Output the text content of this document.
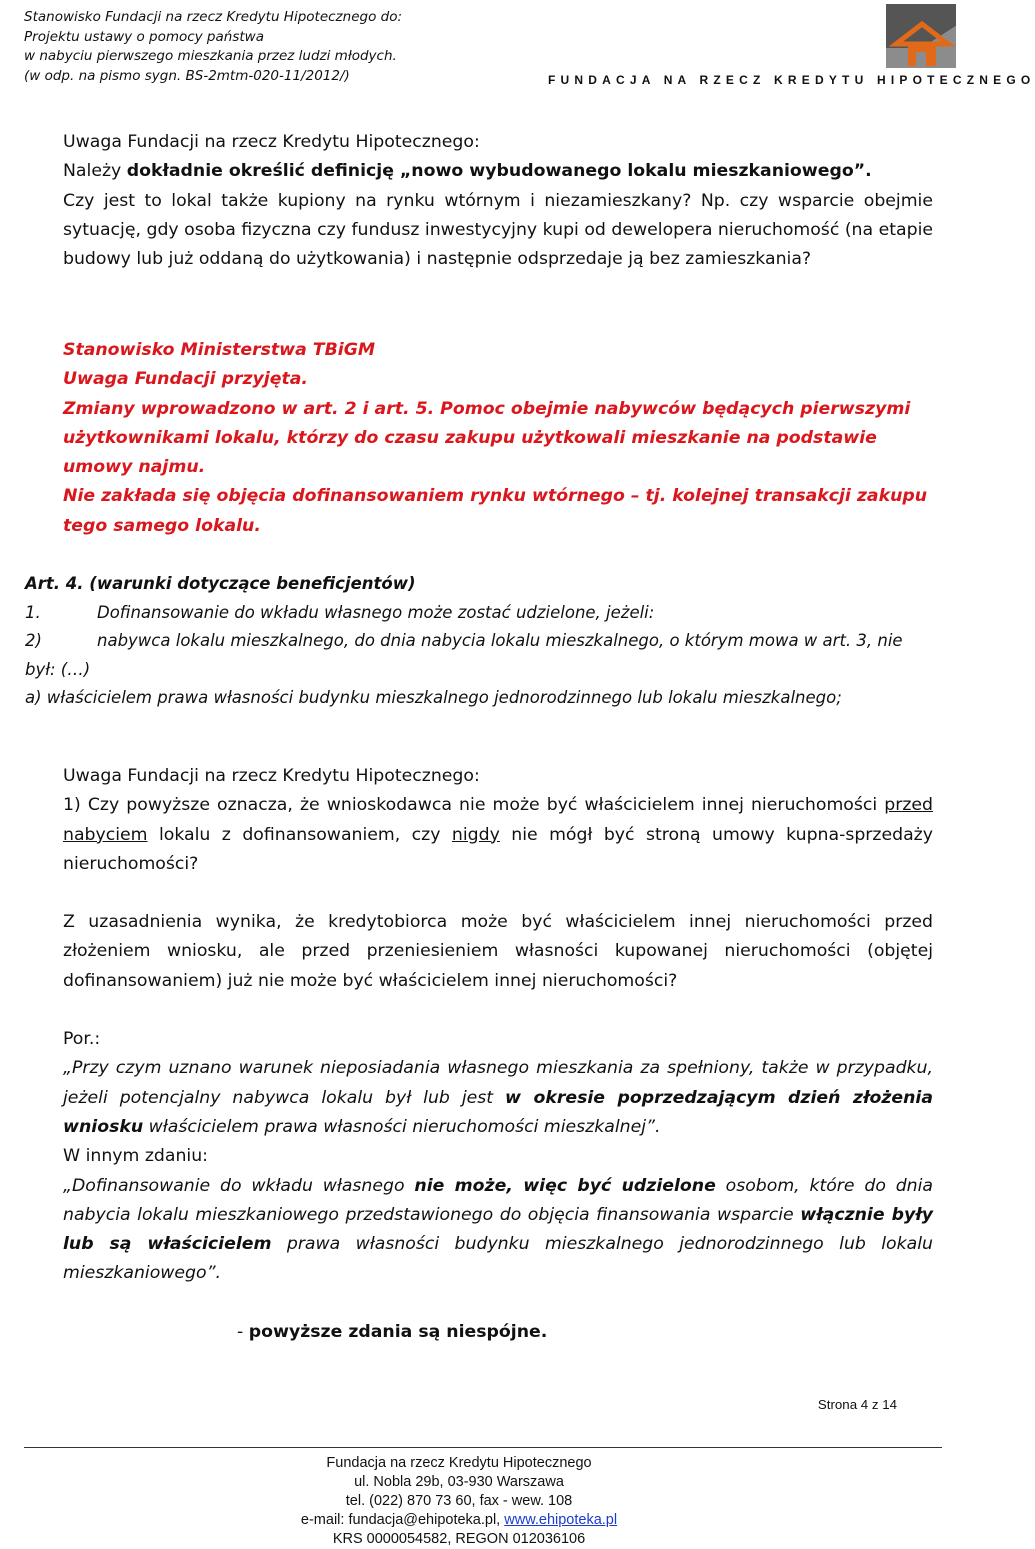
Stanowisko Fundacji na rzecz Kredytu Hipotecznego do:
Projektu ustawy o pomocy państwa
w nabyciu pierwszego mieszkania przez ludzi młodych.
(w odp. na pismo sygn. BS-2mtm-020-11/2012/)	FUNDACJA NA RZECZ KREDYTU HIPOTECZNEGO

Uwaga Fundacji na rzecz Kredytu Hipotecznego:

Należy dokładnie określić definicję „nowo wybudowanego lokalu mieszkaniowego”.

Czy jest to lokal także kupiony na rynku wtórnym i niezamieszkany? Np. czy wsparcie obejmie sytuację, gdy osoba fizyczna czy fundusz inwestycyjny kupi od dewelopera nieruchomość (na etapie budowy lub już oddaną do użytkowania) i następnie odsprzedaje ją bez zamieszkania?

Stanowisko Ministerstwa TBiGM

Uwaga Fundacji przyjęta.

Zmiany wprowadzono w art. 2 i art. 5. Pomoc obejmie nabywców będących pierwszymi użytkownikami lokalu, którzy do czasu zakupu użytkowali mieszkanie na podstawie umowy najmu.

Nie zakłada się objęcia dofinansowaniem rynku wtórnego – tj. kolejnej transakcji zakupu tego samego lokalu.

Art. 4. (warunki dotyczące beneficjentów)

1.	Dofinansowanie do wkładu własnego może zostać udzielone, jeżeli:

2)	nabywca lokalu mieszkalnego, do dnia nabycia lokalu mieszkalnego, o którym mowa w art. 3, nie był: (…)

a) właścicielem prawa własności budynku mieszkalnego jednorodzinnego lub lokalu mieszkalnego;

Uwaga Fundacji na rzecz Kredytu Hipotecznego:

1) Czy powyższe oznacza, że wnioskodawca nie może być właścicielem innej nieruchomości przed nabyciem lokalu z dofinansowaniem, czy nigdy nie mógł być stroną umowy kupna-sprzedaży nieruchomości?

Z uzasadnienia wynika, że kredytobiorca może być właścicielem innej nieruchomości przed złożeniem wniosku, ale przed przeniesieniem własności kupowanej nieruchomości (objętej dofinansowaniem) już nie może być właścicielem innej nieruchomości?

Por.:

„Przy czym uznano warunek nieposiadania własnego mieszkania za spełniony, także w przypadku, jeżeli potencjalny nabywca lokalu był lub jest w okresie poprzedzającym dzień złożenia wniosku właścicielem prawa własności nieruchomości mieszkalnej”.

W innym zdaniu:

„Dofinansowanie do wkładu własnego nie może, więc być udzielone osobom, które do dnia nabycia lokalu mieszkaniowego przedstawionego do objęcia finansowania wsparcie włącznie były lub są właścicielem prawa własności budynku mieszkalnego jednorodzinnego lub lokalu mieszkaniowego”.

- powyższe zdania są niespójne.

Strona 4 z 14
Fundacja na rzecz Kredytu Hipotecznego
ul. Nobla 29b, 03-930 Warszawa
tel. (022) 870 73 60, fax - wew. 108
e-mail: fundacja@ehipoteka.pl, www.ehipoteka.pl
KRS 0000054582, REGON 012036106
